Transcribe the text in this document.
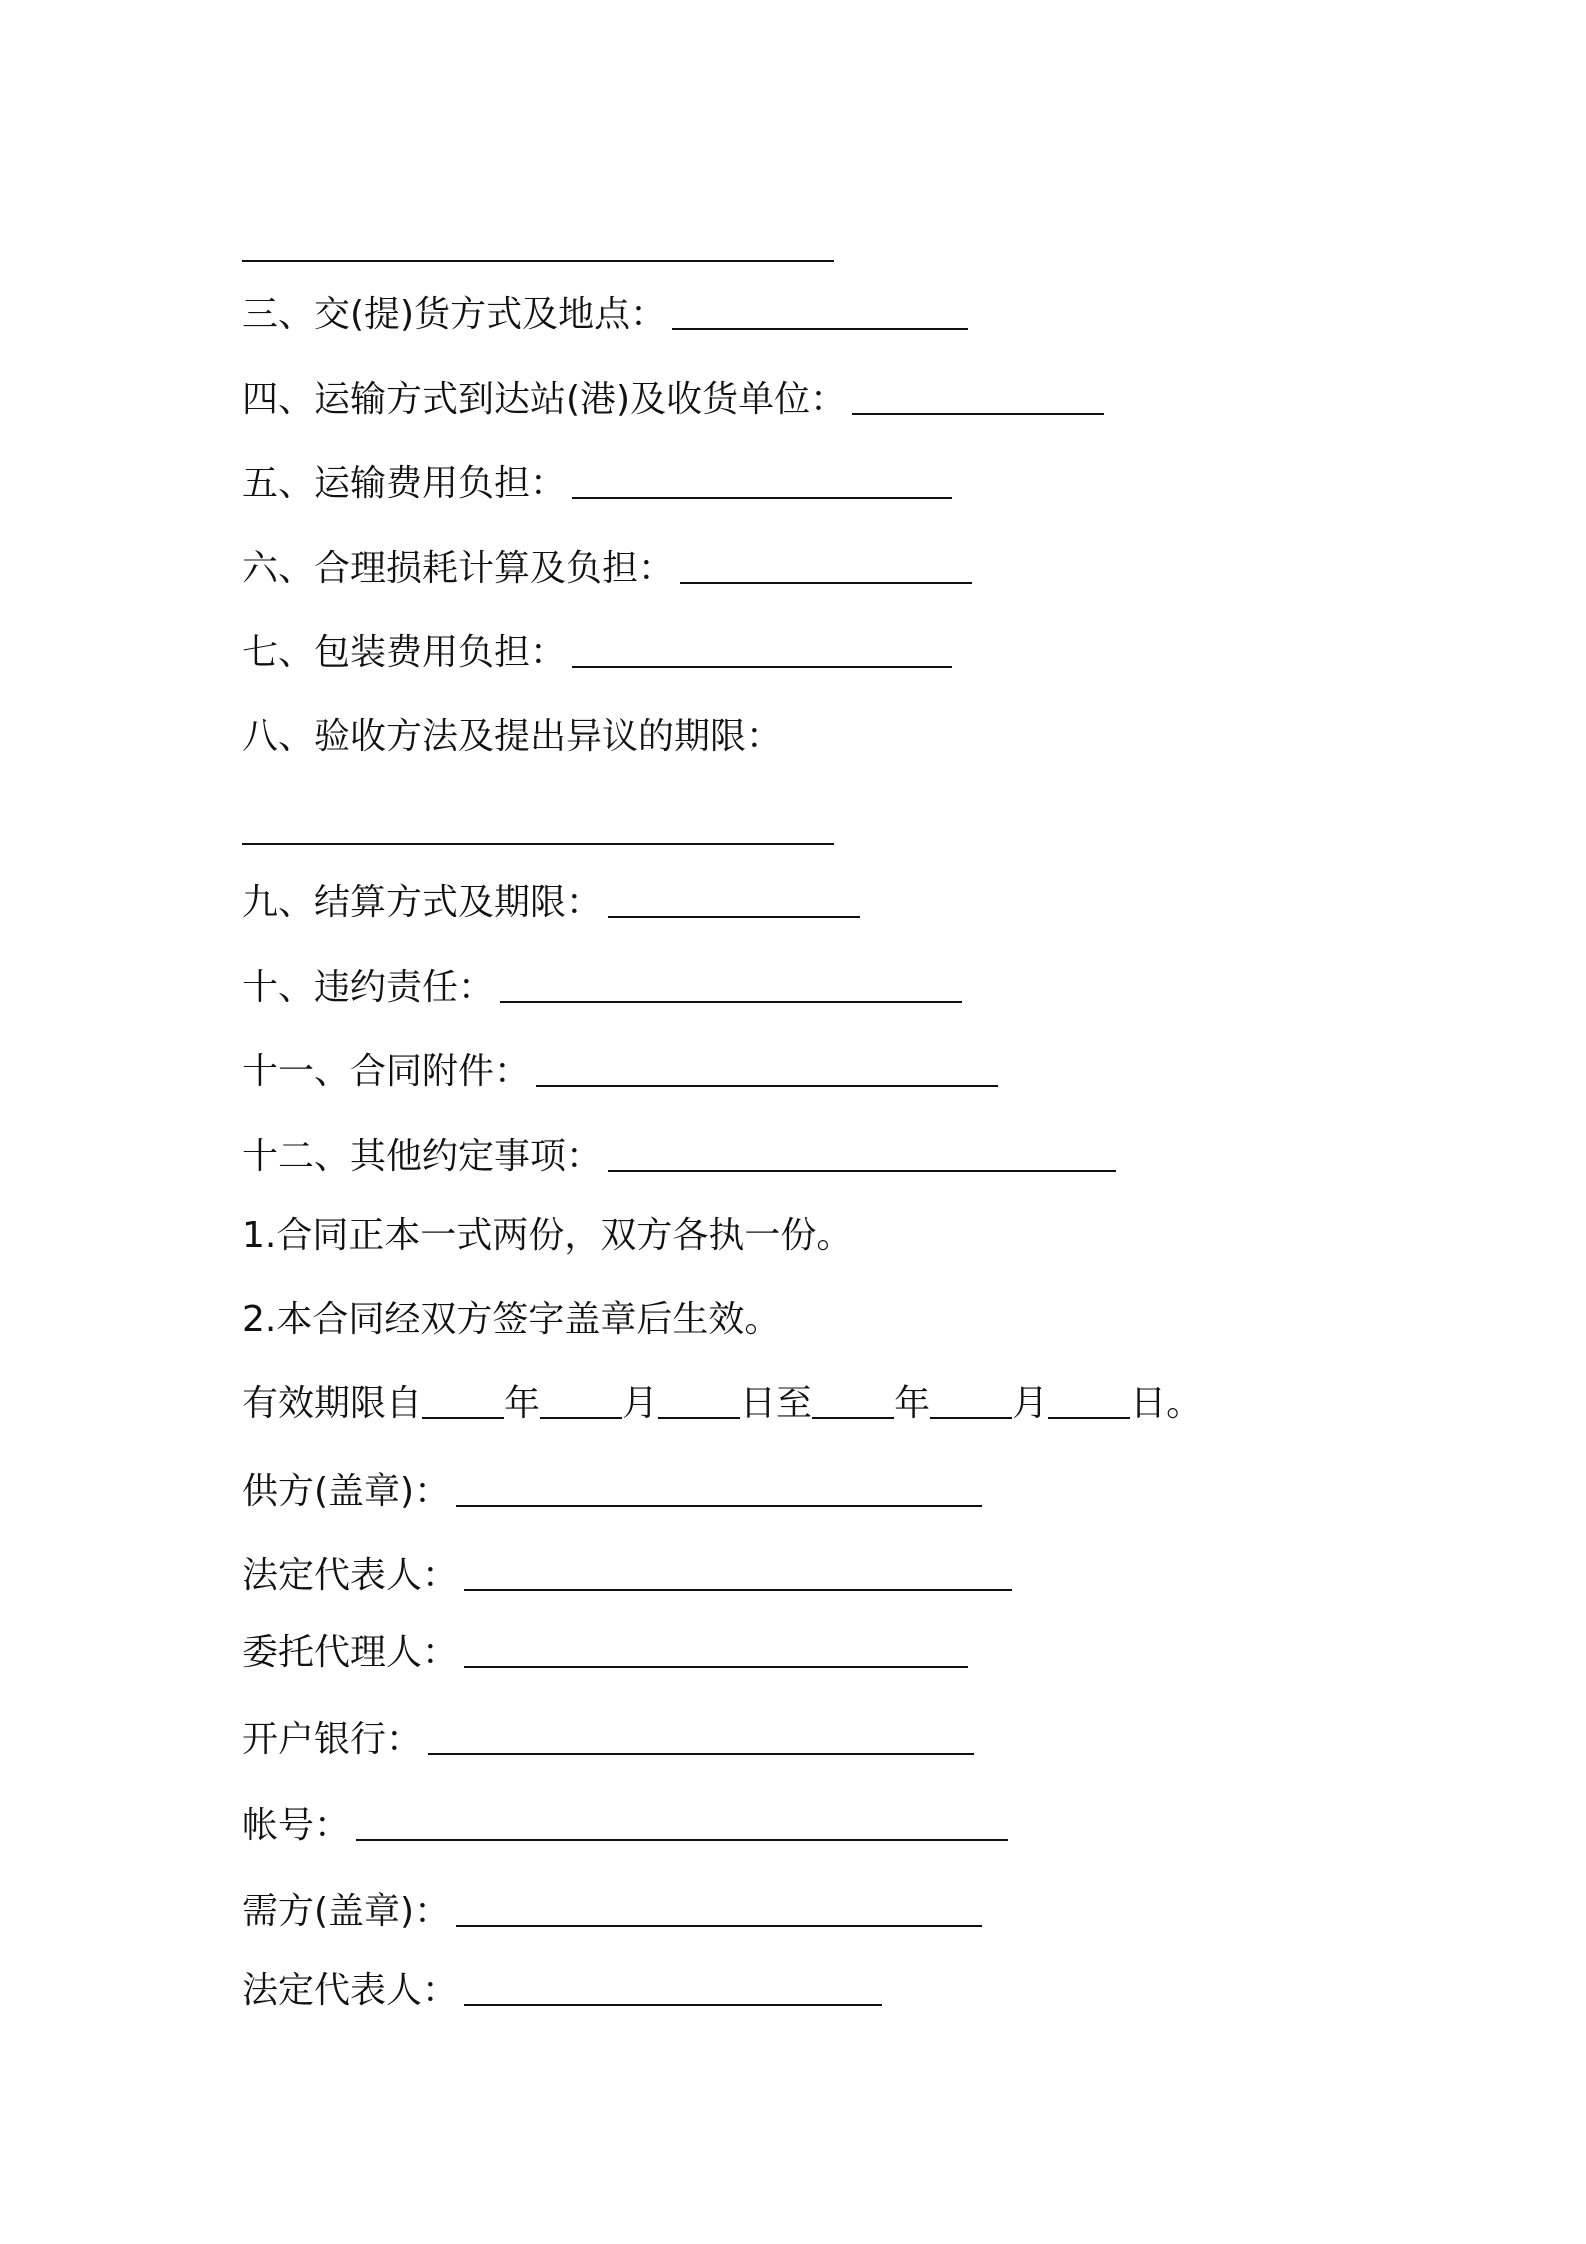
三、交(提)货方式及地点：
四、运输方式到达站(港)及收货单位：
五、运输费用负担：
六、合理损耗计算及负担：
七、包装费用负担：
八、验收方法及提出异议的期限：
九、结算方式及期限：
十、违约责任：
十一、合同附件：
十二、其他约定事项：
1.合同正本一式两份，双方各执一份。
2.本合同经双方签字盖章后生效。
有效期限自 年 月 日至 年 月 日。
供方(盖章)：
法定代表人：
委托代理人：
开户银行：
帐号：
需方(盖章)：
法定代表人：
